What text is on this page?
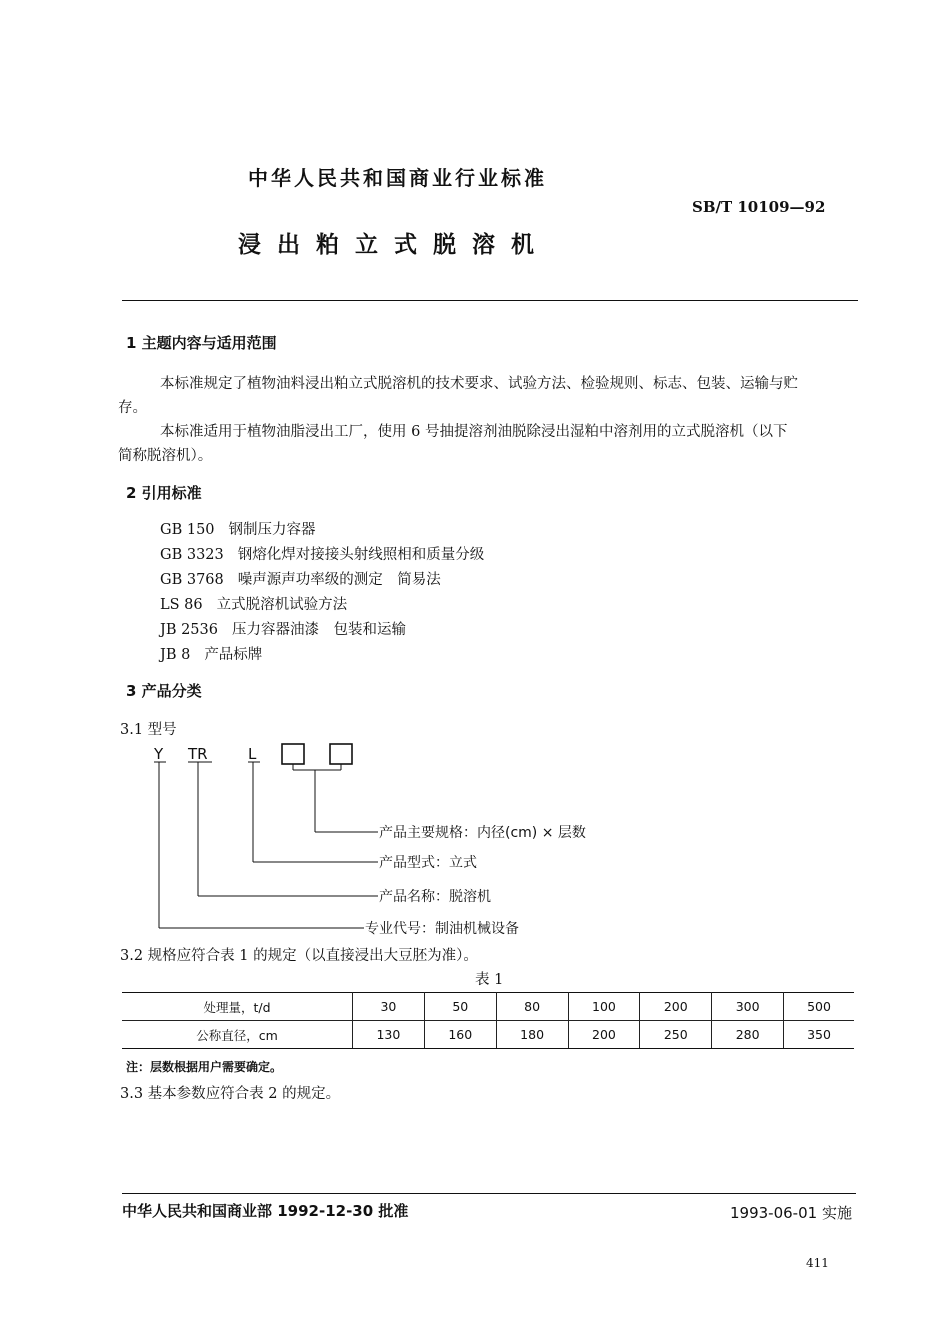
中华人民共和国商业行业标准
SB/T 10109—92
浸出粕立式脱溶机
1 主题内容与适用范围
本标准规定了植物油料浸出粕立式脱溶机的技术要求、试验方法、检验规则、标志、包装、运输与贮
存。
本标准适用于植物油脂浸出工厂，使用 6 号抽提溶剂油脱除浸出湿粕中溶剂用的立式脱溶机（以下
简称脱溶机）。
2 引用标准
GB 150 钢制压力容器
GB 3323 钢熔化焊对接接头射线照相和质量分级
GB 3768 噪声源声功率级的测定　简易法
LS 86 立式脱溶机试验方法
JB 2536 压力容器油漆　包装和运输
JB 8 产品标牌
3 产品分类
3.1 型号
Y TR	L
产品主要规格：内径(cm) × 层数
产品型式：立式
产品名称：脱溶机
专业代号：制油机械设备
3.2 规格应符合表 1 的规定（以直接浸出大豆胚为准）。
表 1
处理量，t/d	30	50	80	100	200	300	500
公称直径，cm	130	160	180	200	250	280	350
注：层数根据用户需要确定。
3.3 基本参数应符合表 2 的规定。
中华人民共和国商业部 1992-12-30 批准	1993-06-01 实施
411
